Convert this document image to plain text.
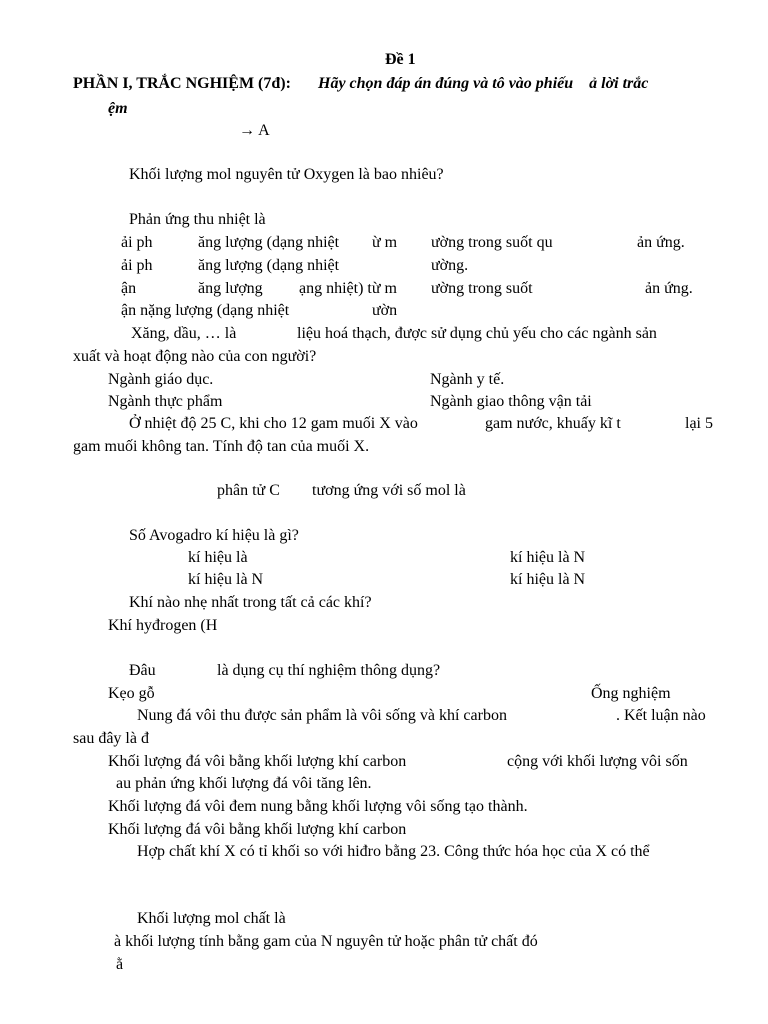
Đề 1
PHẦN I, TRẮC NGHIỆM (7đ): Hãy chọn đáp án đúng và tô vào phiếu    ả lời trắc
ệm
→ A
Khối lượng mol nguyên tử Oxygen là bao nhiêu?
Phản ứng thu nhiệt là
ải ph	ăng lượng (dạng nhiệt ừ m ường trong suốt qu	ản ứng.
ải ph	ăng lượng (dạng nhiệt	ường.
ận	ăng lượng ạng nhiệt) từ m ường trong suốt	ản ứng.
ận nặng lượng (dạng nhiệt	ườn
Xăng, dầu, … là	liệu hoá thạch, được sử dụng chủ yếu cho các ngành sản
xuất và hoạt động nào của con người?
Ngành giáo dục.	Ngành y tế.
Ngành thực phẩm	Ngành giao thông vận tải
Ở nhiệt độ 25 C, khi cho 12 gam muối X vào	gam nước, khuấy kĩ t	lại 5
gam muối không tan. Tính độ tan của muối X.
phân tử C tương ứng với số mol là
Số Avogadro kí hiệu là gì?
kí hiệu là	kí hiệu là N
kí hiệu là N	kí hiệu là N
Khí nào nhẹ nhất trong tất cả các khí?
Khí hyđrogen (H
Đâu	là dụng cụ thí nghiệm thông dụng?
Kẹo gỗ	Ống nghiệm
Nung đá vôi thu được sản phẩm là vôi sống và khí carbon	. Kết luận nào
sau đây là đ
Khối lượng đá vôi bằng khối lượng khí carbon	cộng với khối lượng vôi sốn
au phản ứng khối lượng đá vôi tăng lên.
Khối lượng đá vôi đem nung bằng khối lượng vôi sống tạo thành.
Khối lượng đá vôi bằng khối lượng khí carbon
Hợp chất khí X có tỉ khối so với hiđro bằng 23. Công thức hóa học của X có thể
Khối lượng mol chất là
à khối lượng tính bằng gam của N nguyên tử hoặc phân tử chất đó
ằ
